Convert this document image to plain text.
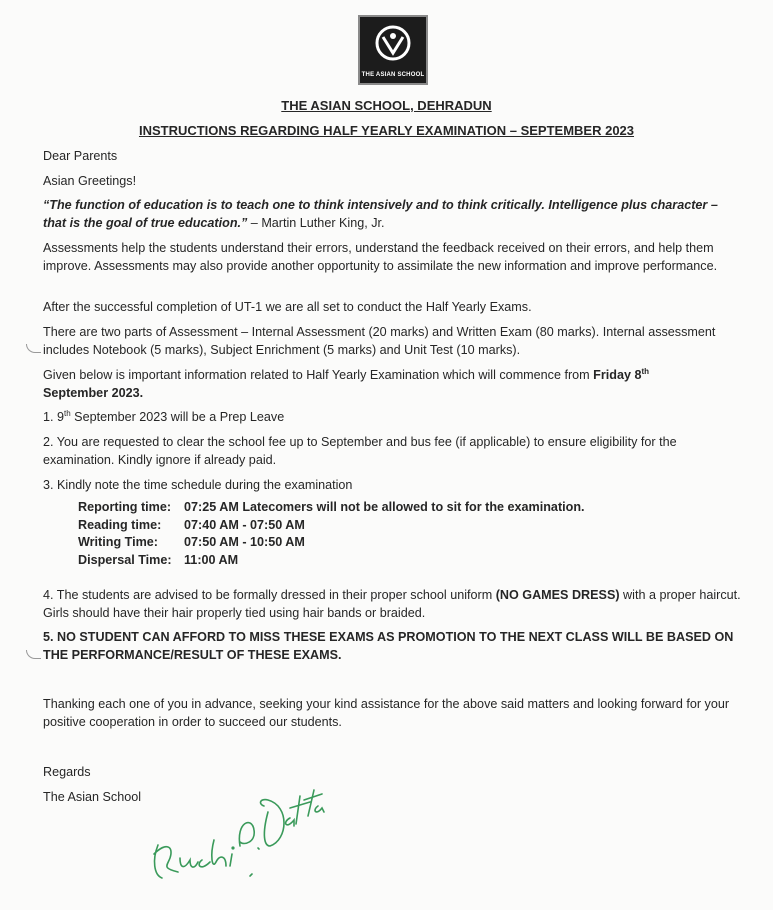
THE ASIAN SCHOOL
THE ASIAN SCHOOL, DEHRADUN
INSTRUCTIONS REGARDING HALF YEARLY EXAMINATION – SEPTEMBER 2023
Dear Parents
Asian Greetings!
“The function of education is to teach one to think intensively and to think critically. Intelligence plus character – that is the goal of true education.” – Martin Luther King, Jr.
Assessments help the students understand their errors, understand the feedback received on their errors, and help them improve. Assessments may also provide another opportunity to assimilate the new information and improve performance.
After the successful completion of UT-1 we are all set to conduct the Half Yearly Exams.
There are two parts of Assessment – Internal Assessment (20 marks) and Written Exam (80 marks). Internal assessment includes Notebook (5 marks), Subject Enrichment (5 marks) and Unit Test (10 marks).
Given below is important information related to Half Yearly Examination which will commence from Friday 8th
September 2023.
1. 9th September 2023 will be a Prep Leave
2. You are requested to clear the school fee up to September and bus fee (if applicable) to ensure eligibility for the examination. Kindly ignore if already paid.
3. Kindly note the time schedule during the examination
Reporting time: 07:25 AM Latecomers will not be allowed to sit for the examination.
Reading time: 07:40 AM - 07:50 AM
Writing Time: 07:50 AM - 10:50 AM
Dispersal Time: 11:00 AM
4. The students are advised to be formally dressed in their proper school uniform (NO GAMES DRESS) with a proper haircut. Girls should have their hair properly tied using hair bands or braided.
5. NO STUDENT CAN AFFORD TO MISS THESE EXAMS AS PROMOTION TO THE NEXT CLASS WILL BE BASED ON THE PERFORMANCE/RESULT OF THESE EXAMS.
Thanking each one of you in advance, seeking your kind assistance for the above said matters and looking forward for your positive cooperation in order to succeed our students.
Regards
The Asian School
